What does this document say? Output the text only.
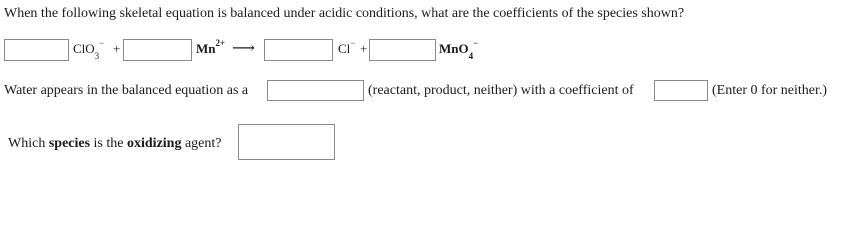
When the following skeletal equation is balanced under acidic conditions, what are the coefficients of the species shown?
ClO$_3$− +	$Mn^{2+}$ ⟶	Cl− +	MnO$_4$−
Water appears in the balanced equation as a	(reactant, product, neither) with a coefficient of	(Enter 0 for neither.)
Which species is the oxidizing agent?
